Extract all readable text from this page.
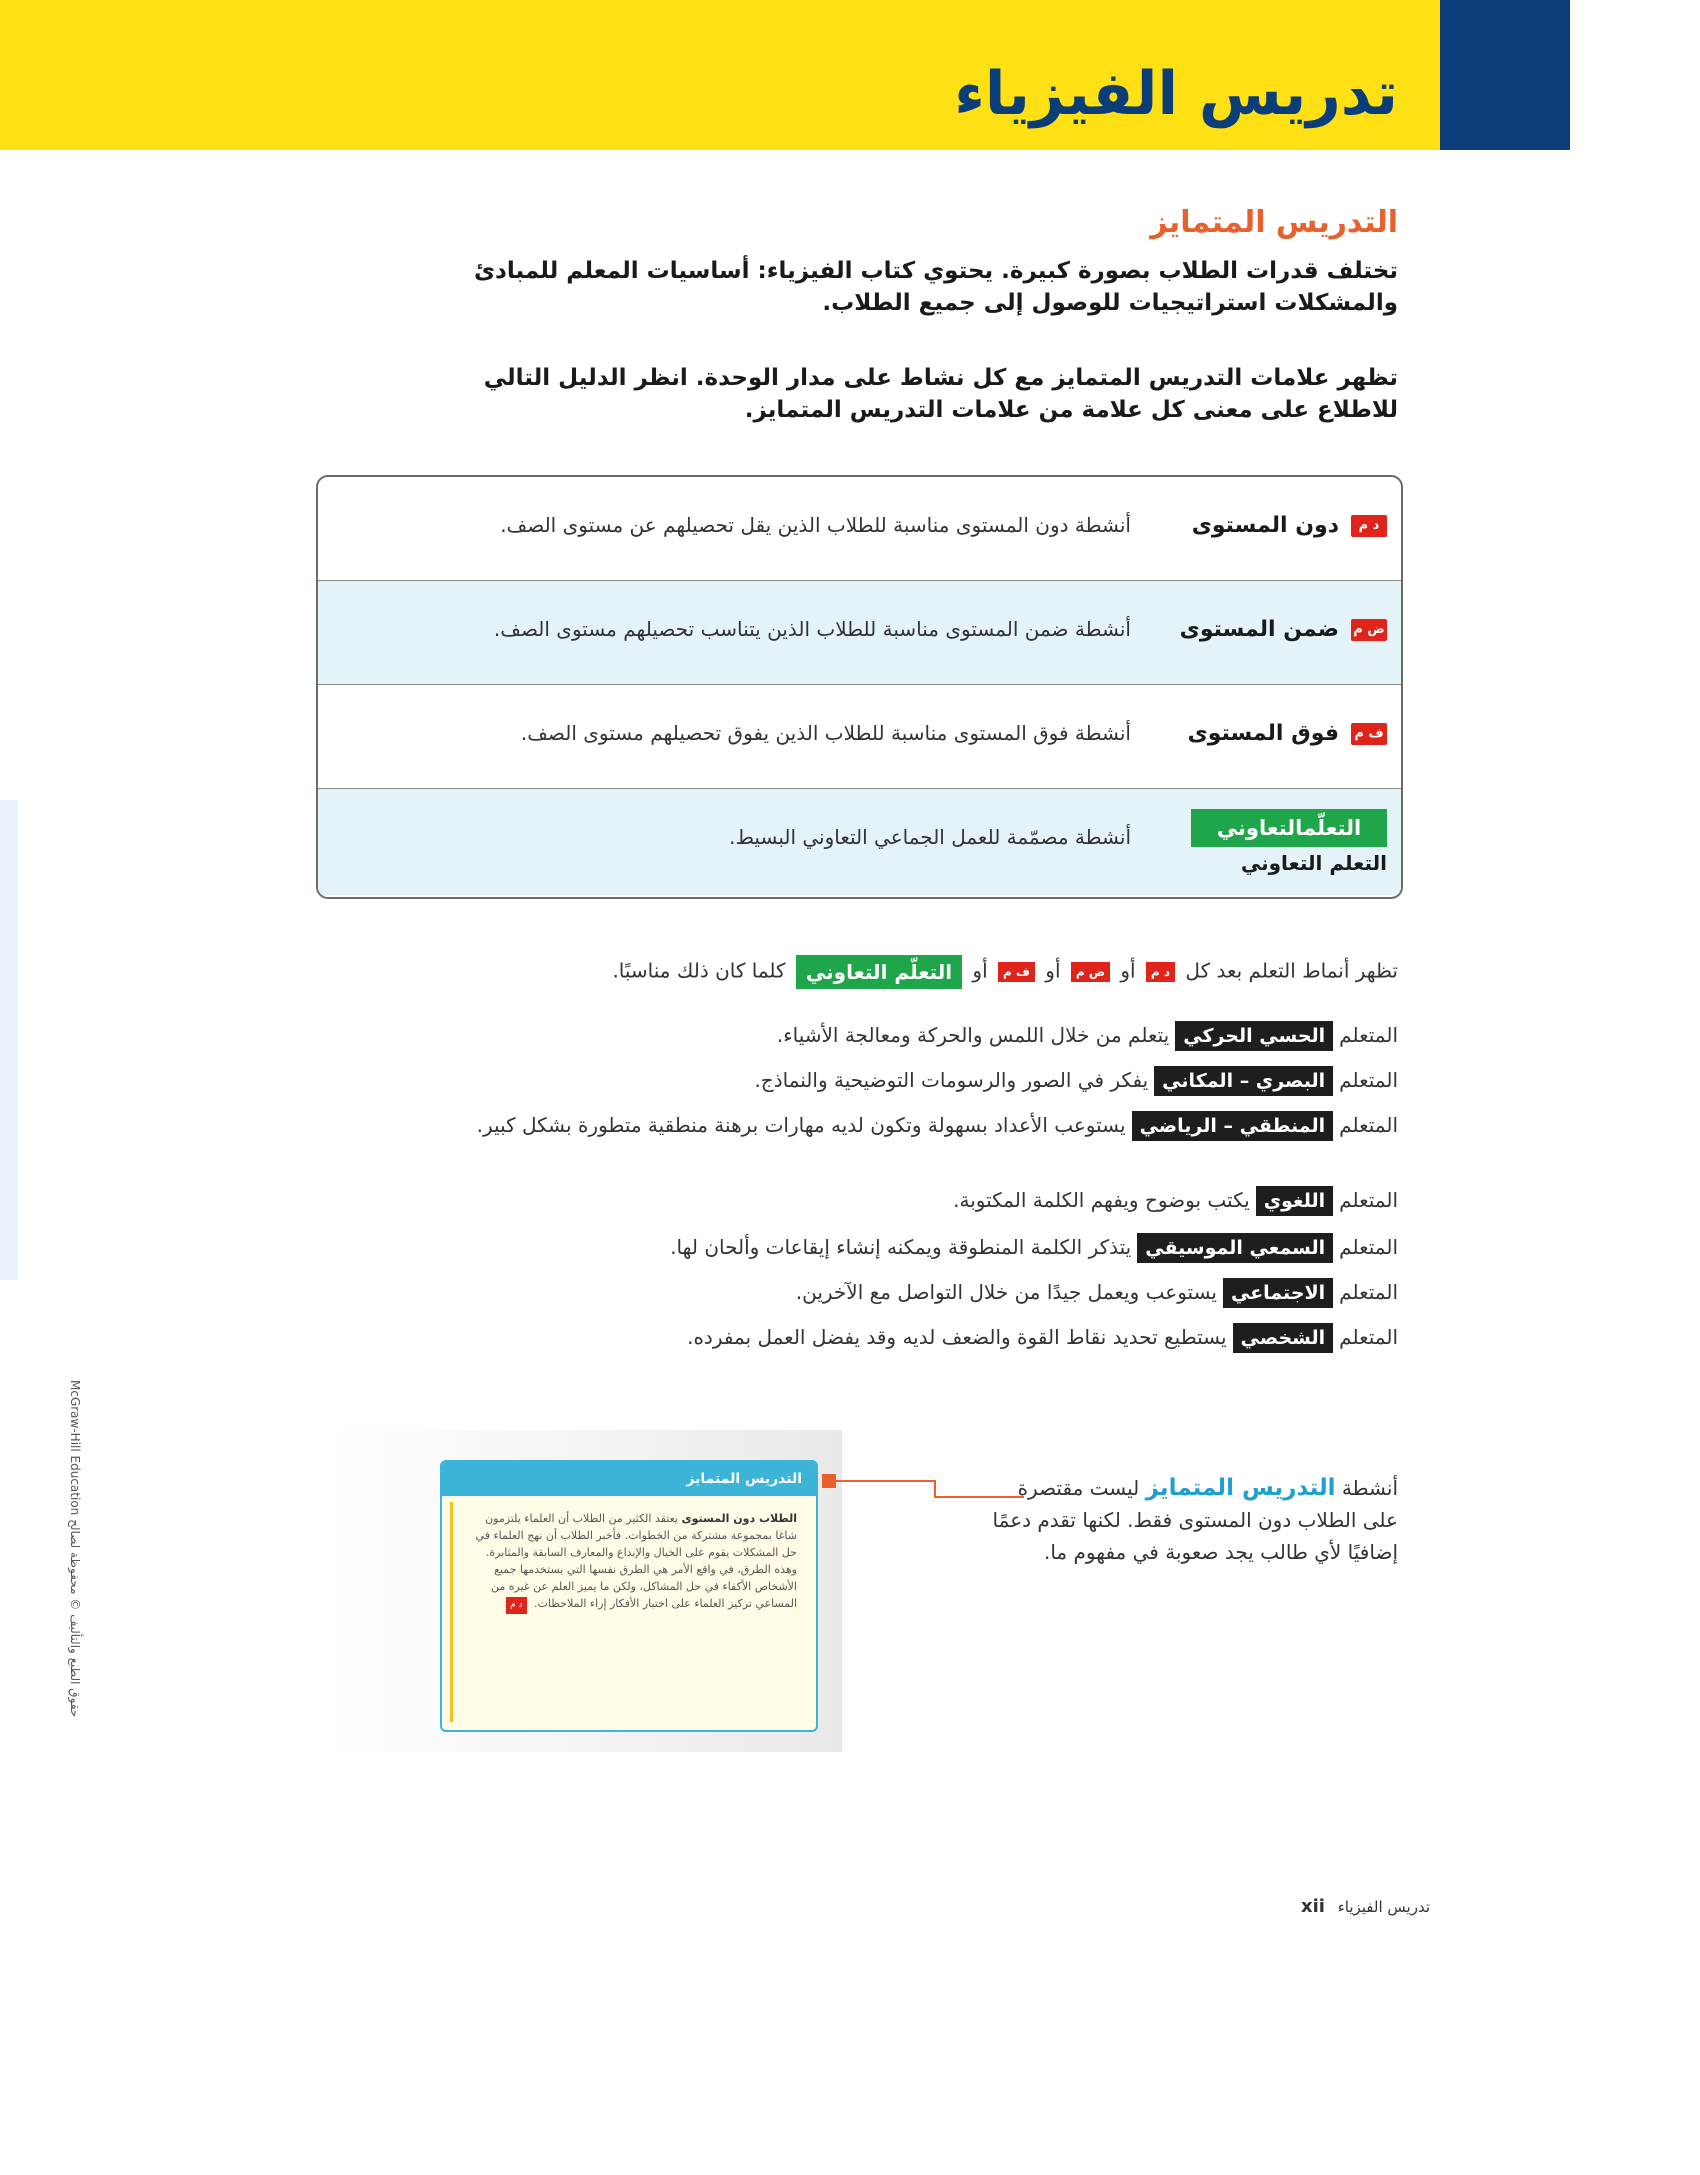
تدريس الفيزياء
التدريس المتمايز
تختلف قدرات الطلاب بصورة كبيرة. يحتوي كتاب الفيزياء: أساسيات المعلم للمبادئ والمشكلات استراتيجيات للوصول إلى جميع الطلاب.
تظهر علامات التدريس المتمايز مع كل نشاط على مدار الوحدة. انظر الدليل التالي للاطلاع على معنى كل علامة من علامات التدريس المتمايز.
د م
دون المستوى
أنشطة دون المستوى مناسبة للطلاب الذين يقل تحصيلهم عن مستوى الصف.
ض م
ضمن المستوى
أنشطة ضمن المستوى مناسبة للطلاب الذين يتناسب تحصيلهم مستوى الصف.
ف م
فوق المستوى
أنشطة فوق المستوى مناسبة للطلاب الذين يفوق تحصيلهم مستوى الصف.
التعلّمالتعاوني
التعلم التعاوني
أنشطة مصمّمة للعمل الجماعي التعاوني البسيط.
تظهر أنماط التعلم بعد كل د م أو ض م أو ف م أو التعلّم التعاوني كلما كان ذلك مناسبًا.
المتعلمالحسي الحركييتعلم من خلال اللمس والحركة ومعالجة الأشياء.
المتعلمالبصري – المكانييفكر في الصور والرسومات التوضيحية والنماذج.
المتعلمالمنطقي – الرياضييستوعب الأعداد بسهولة وتكون لديه مهارات برهنة منطقية متطورة بشكل كبير.
المتعلماللغوييكتب بوضوح ويفهم الكلمة المكتوبة.
المتعلمالسمعي الموسيقييتذكر الكلمة المنطوقة ويمكنه إنشاء إيقاعات وألحان لها.
المتعلمالاجتماعييستوعب ويعمل جيدًا من خلال التواصل مع الآخرين.
المتعلمالشخصييستطيع تحديد نقاط القوة والضعف لديه وقد يفضل العمل بمفرده.
McGraw-Hill Education حقوق الطبع والتأليف © محفوظة لصالح
التدريس المتمايز
الطلاب دون المستوى يعتقد الكثير من الطلاب أن العلماء يلتزمون شاغا بمجموعة مشتركة من الخطوات. فأخبر الطلاب أن نهج العلماء في حل المشكلات يقوم على الخيال والإبداع والمعارف السابقة والمثابرة. وهذه الطرق، في واقع الأمر هي الطرق نفسها التي يستخدمها جميع الأشخاص الأكفاء في حل المشاكل، ولكن ما يميز العلم عن غيره من المساعي تركيز العلماء على اختبار الأفكار إزاء الملاحظات. د م
أنشطة التدريس المتمايز ليست مقتصرة على الطلاب دون المستوى فقط. لكنها تقدم دعمًا إضافيًا لأي طالب يجد صعوبة في مفهوم ما.
تدريس الفيزياء xii
